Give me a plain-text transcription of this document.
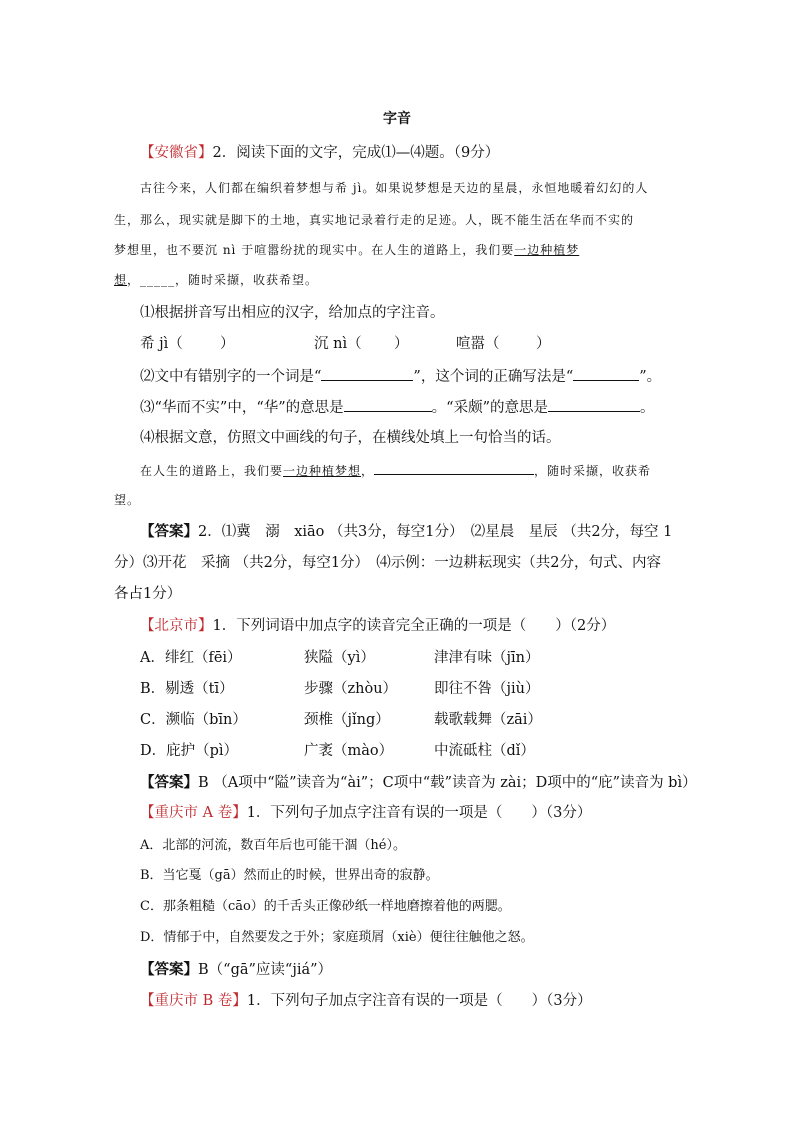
字音
【安徽省】2．阅读下面的文字，完成⑴—⑷题。（9分）
古往今来，人们都在编织着梦想与希 jì。如果说梦想是天边的星晨，永恒地暖着幻幻的人
生，那么，现实就是脚下的土地，真实地记录着行走的足迹。人，既不能生活在华而不实的
梦想里，也不要沉 nì 于喧嚣纷扰的现实中。在人生的道路上，我们要一边种植梦
想，_____，随时采撷，收获希望。
⑴根据拼音写出相应的汉字，给加点的字注音。
希 jì（	）	沉 nì（	）	喧嚣（	）
⑵文中有错别字的一个词是“	”，这个词的正确写法是“	”。
⑶“华而不实”中，“华”的意思是	。“采颇”的意思是	。
⑷根据文意，仿照文中画线的句子，在横线处填上一句恰当的话。
在人生的道路上，我们要一边种植梦想，	，随时采撷，收获希
望。
【答案】2．⑴冀　溺　xiāo （共3分，每空1分）　⑵星晨　星辰 （共2分，每空 1
分）⑶开花　采摘 （共2分，每空1分）　⑷示例：一边耕耘现实（共2分，句式、内容
各占1分）
【北京市】1．下列词语中加点字的读音完全正确的一项是（　　）（2分）
A．绯红（fēi）	狭隘（yì）	津津有味（jīn）
B．剔透（tī）	步骤（zhòu）	即往不咎（jiù）
C．濒临（bīn）	颈椎（jǐng）	载歌载舞（zāi）
D．庇护（pì）	广袤（mào）	中流砥柱（dǐ）
【答案】B （A项中“隘”读音为“ài”；C项中“载”读音为 zài；D项中的“庇”读音为 bì）
【重庆市 A 卷】1．下列句子加点字注音有误的一项是（　　）（3分）
A．北部的河流，数百年后也可能干涸（hé）。
B．当它戛（gā）然而止的时候，世界出奇的寂静。
C．那条粗糙（cāo）的千舌头正像砂纸一样地磨擦着他的两腮。
D．情郁于中，自然要发之于外；家庭琐屑（xiè）便往往触他之怒。
【答案】B（“gā”应读“jiá”）
【重庆市 B 卷】1．下列句子加点字注音有误的一项是（　　）（3分）
